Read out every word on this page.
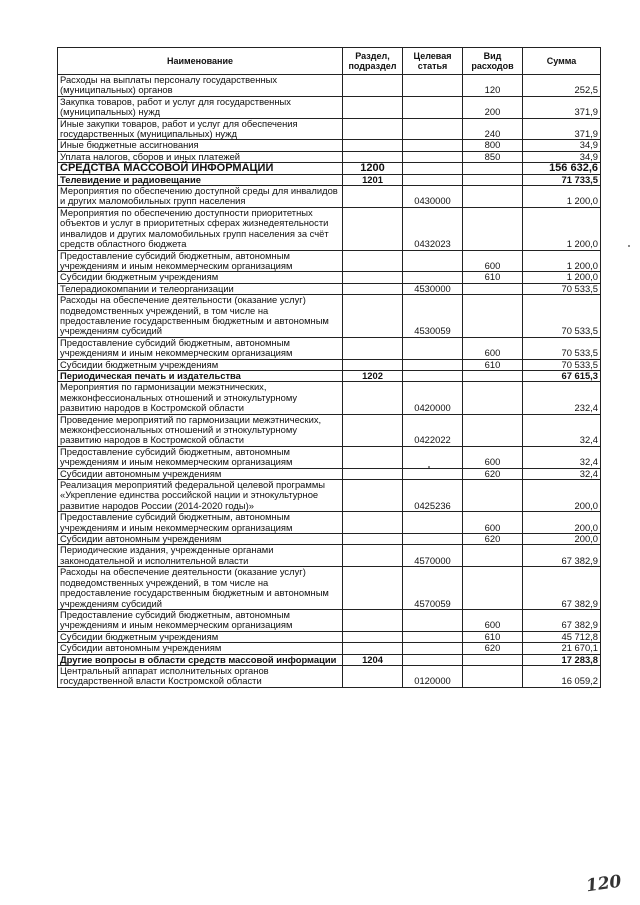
Наименование	Раздел, подраздел	Целевая статья	Вид расходов	Сумма
Расходы на выплаты персоналу государственных (муниципальных) органов			120	252,5
Закупка товаров, работ и услуг для государственных (муниципальных) нужд			200	371,9
Иные закупки товаров, работ и услуг для обеспечения государственных (муниципальных) нужд			240	371,9
Иные бюджетные ассигнования			800	34,9
Уплата налогов, сборов и иных платежей			850	34,9
СРЕДСТВА МАССОВОЙ ИНФОРМАЦИИ	1200			156 632,6
Телевидение и радиовещание	1201			71 733,5
Мероприятия по обеспечению доступной среды для инвалидов и других маломобильных групп населения		0430000		1 200,0
Мероприятия по обеспечению доступности приоритетных объектов и услуг в приоритетных сферах жизнедеятельности инвалидов и других маломобильных групп населения за счёт средств областного бюджета		0432023		1 200,0
Предоставление субсидий бюджетным, автономным учреждениям и иным некоммерческим организациям			600	1 200,0
Субсидии бюджетным учреждениям			610	1 200,0
Телерадиокомпании и телеорганизации		4530000		70 533,5
Расходы на обеспечение деятельности (оказание услуг) подведомственных учреждений, в том числе на предоставление государственным бюджетным и автономным учреждениям субсидий		4530059		70 533,5
Предоставление субсидий бюджетным, автономным учреждениям и иным некоммерческим организациям			600	70 533,5
Субсидии бюджетным учреждениям			610	70 533,5
Периодическая печать и издательства	1202			67 615,3
Мероприятия по гармонизации межэтнических, межконфессиональных отношений и этнокультурному развитию народов в Костромской области		0420000		232,4
Проведение мероприятий по гармонизации межэтнических, межконфессиональных отношений и этнокультурному развитию народов в Костромской области		0422022		32,4
Предоставление субсидий бюджетным, автономным учреждениям и иным некоммерческим организациям			600	32,4
Субсидии автономным учреждениям			620	32,4
Реализация мероприятий федеральной целевой программы «Укрепление единства российской нации и этнокультурное развитие народов России (2014-2020 годы)»		0425236		200,0
Предоставление субсидий бюджетным, автономным учреждениям и иным некоммерческим организациям			600	200,0
Субсидии автономным учреждениям			620	200,0
Периодические издания, учрежденные органами законодательной и исполнительной власти		4570000		67 382,9
Расходы на обеспечение деятельности (оказание услуг) подведомственных учреждений, в том числе на предоставление государственным бюджетным и автономным учреждениям субсидий		4570059		67 382,9
Предоставление субсидий бюджетным, автономным учреждениям и иным некоммерческим организациям			600	67 382,9
Субсидии бюджетным учреждениям			610	45 712,8
Субсидии автономным учреждениям			620	21 670,1
Другие вопросы в области средств массовой информации	1204			17 283,8
Центральный аппарат исполнительных органов государственной власти Костромской области		0120000		16 059,2
120
